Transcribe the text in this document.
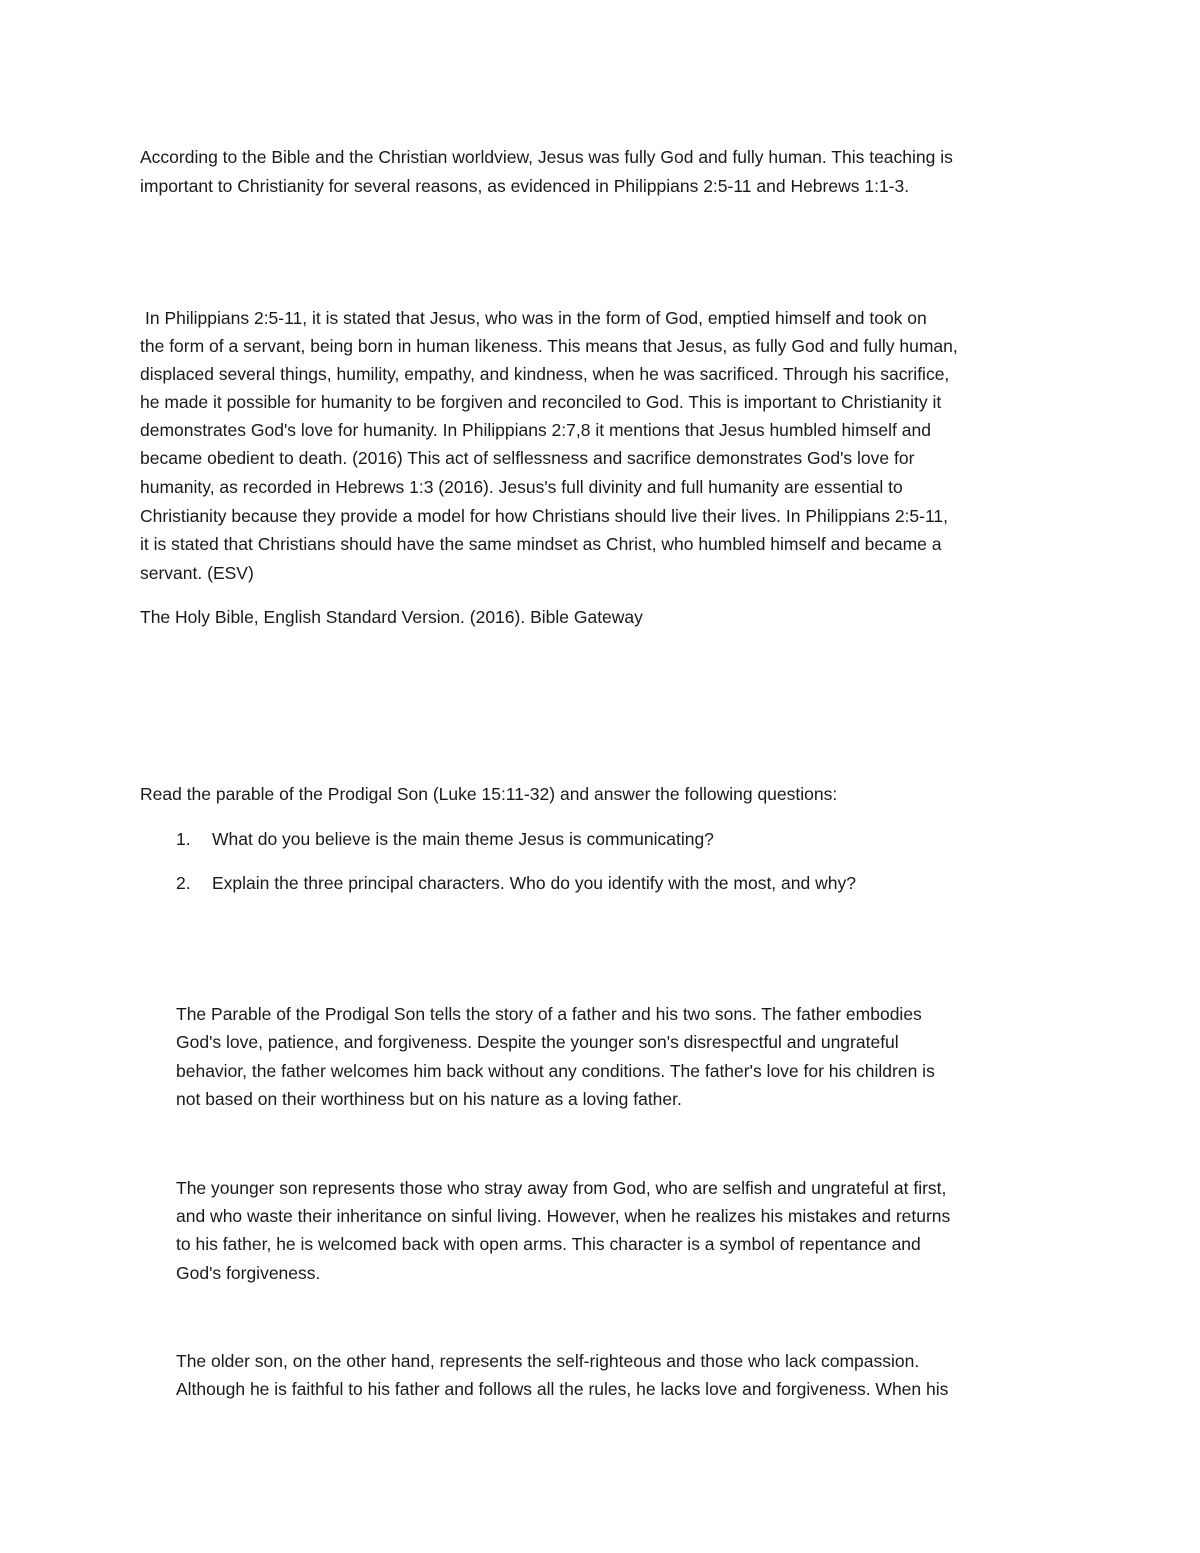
According to the Bible and the Christian worldview, Jesus was fully God and fully human. This teaching is
important to Christianity for several reasons, as evidenced in Philippians 2:5-11 and Hebrews 1:1-3.
In Philippians 2:5-11, it is stated that Jesus, who was in the form of God, emptied himself and took on
the form of a servant, being born in human likeness. This means that Jesus, as fully God and fully human,
displaced several things, humility, empathy, and kindness, when he was sacrificed. Through his sacrifice,
he made it possible for humanity to be forgiven and reconciled to God. This is important to Christianity it
demonstrates God's love for humanity. In Philippians 2:7,8 it mentions that Jesus humbled himself and
became obedient to death. (2016) This act of selflessness and sacrifice demonstrates God's love for
humanity, as recorded in Hebrews 1:3 (2016). Jesus's full divinity and full humanity are essential to
Christianity because they provide a model for how Christians should live their lives. In Philippians 2:5-11,
it is stated that Christians should have the same mindset as Christ, who humbled himself and became a
servant. (ESV)
The Holy Bible, English Standard Version. (2016). Bible Gateway
Read the parable of the Prodigal Son (Luke 15:11-32) and answer the following questions:
1. What do you believe is the main theme Jesus is communicating?
2. Explain the three principal characters. Who do you identify with the most, and why?
The Parable of the Prodigal Son tells the story of a father and his two sons. The father embodies
God's love, patience, and forgiveness. Despite the younger son's disrespectful and ungrateful
behavior, the father welcomes him back without any conditions. The father's love for his children is
not based on their worthiness but on his nature as a loving father.
The younger son represents those who stray away from God, who are selfish and ungrateful at first,
and who waste their inheritance on sinful living. However, when he realizes his mistakes and returns
to his father, he is welcomed back with open arms. This character is a symbol of repentance and
God's forgiveness.
The older son, on the other hand, represents the self-righteous and those who lack compassion.
Although he is faithful to his father and follows all the rules, he lacks love and forgiveness. When his
